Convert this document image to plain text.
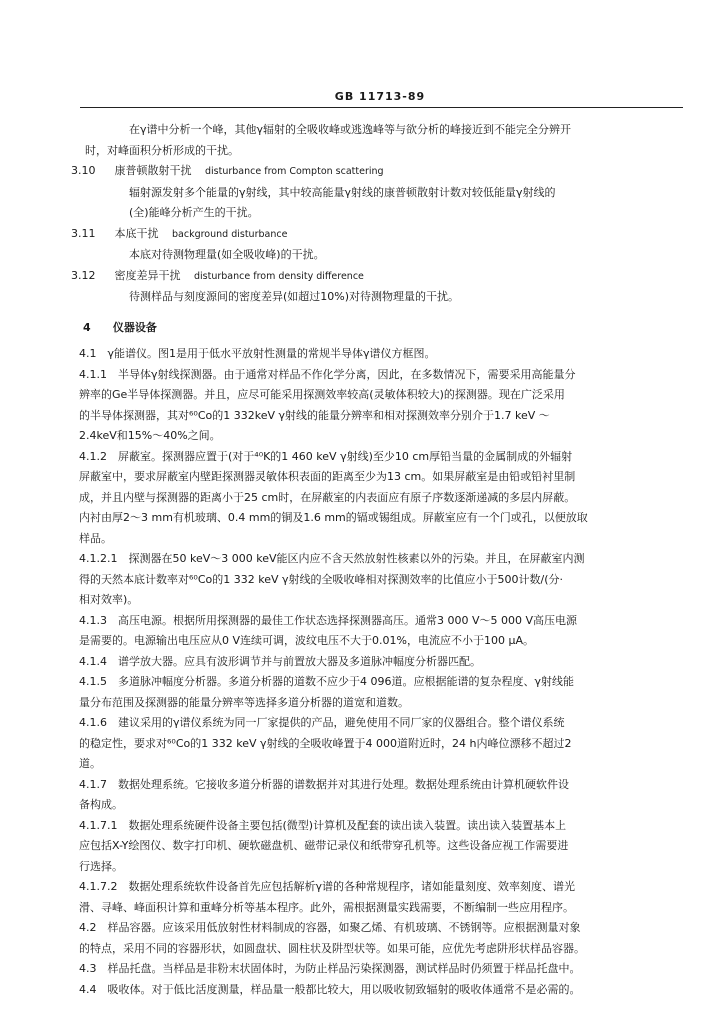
GB 11713-89

在γ谱中分析一个峰，其他γ辐射的全吸收峰或逃逸峰等与欲分析的峰接近到不能完全分辨开

时，对峰面积分析形成的干扰。

3.10 康普顿散射干扰 disturbance from Compton scattering

辐射源发射多个能量的γ射线，其中较高能量γ射线的康普顿散射计数对较低能量γ射线的

(全)能峰分析产生的干扰。

3.11 本底干扰 background disturbance

本底对待测物理量(如全吸收峰)的干扰。

3.12 密度差异干扰 disturbance from density difference

待测样品与刻度源间的密度差异(如超过10%)对待测物理量的干扰。

4 仪器设备

4.1　γ能谱仪。图1是用于低水平放射性测量的常规半导体γ谱仪方框图。

4.1.1　半导体γ射线探测器。由于通常对样品不作化学分离，因此，在多数情况下，需要采用高能量分

辨率的Ge半导体探测器。并且，应尽可能采用探测效率较高(灵敏体积较大)的探测器。现在广泛采用

的半导体探测器，其对⁶⁰Co的1 332keV γ射线的能量分辨率和相对探测效率分别介于1.7 keV ～

2.4keV和15%～40%之间。

4.1.2　屏蔽室。探测器应置于(对于⁴⁰K的1 460 keV γ射线)至少10 cm厚铅当量的金属制成的外辐射

屏蔽室中，要求屏蔽室内壁距探测器灵敏体积表面的距离至少为13 cm。如果屏蔽室是由铅或铅衬里制

成，并且内壁与探测器的距离小于25 cm时，在屏蔽室的内表面应有原子序数逐渐递减的多层内屏蔽。

内衬由厚2～3 mm有机玻璃、0.4 mm的铜及1.6 mm的镉或锡组成。屏蔽室应有一个门或孔，以便放取

样品。

4.1.2.1　探测器在50 keV～3 000 keV能区内应不含天然放射性核素以外的污染。并且，在屏蔽室内测

得的天然本底计数率对⁶⁰Co的1 332 keV γ射线的全吸收峰相对探测效率的比值应小于500计数/(分·

相对效率)。

4.1.3　高压电源。根据所用探测器的最佳工作状态选择探测器高压。通常3 000 V～5 000 V高压电源

是需要的。电源输出电压应从0 V连续可调，波纹电压不大于0.01%，电流应不小于100 μA。

4.1.4　谱学放大器。应具有波形调节并与前置放大器及多道脉冲幅度分析器匹配。

4.1.5　多道脉冲幅度分析器。多道分析器的道数不应少于4 096道。应根据能谱的复杂程度、γ射线能

量分布范围及探测器的能量分辨率等选择多道分析器的道宽和道数。

4.1.6　建议采用的γ谱仪系统为同一厂家提供的产品，避免使用不同厂家的仪器组合。整个谱仪系统

的稳定性，要求对⁶⁰Co的1 332 keV γ射线的全吸收峰置于4 000道附近时，24 h内峰位漂移不超过2

道。

4.1.7　数据处理系统。它接收多道分析器的谱数据并对其进行处理。数据处理系统由计算机硬软件设

备构成。

4.1.7.1　数据处理系统硬件设备主要包括(微型)计算机及配套的读出读入装置。读出读入装置基本上

应包括X-Y绘图仪、数字打印机、硬软磁盘机、磁带记录仪和纸带穿孔机等。这些设备应视工作需要进

行选择。

4.1.7.2　数据处理系统软件设备首先应包括解析γ谱的各种常规程序，诸如能量刻度、效率刻度、谱光

滑、寻峰、峰面积计算和重峰分析等基本程序。此外，需根据测量实践需要，不断编制一些应用程序。

4.2　样品容器。应该采用低放射性材料制成的容器，如聚乙烯、有机玻璃、不锈钢等。应根据测量对象

的特点，采用不同的容器形状，如圆盘状、圆柱状及阱型状等。如果可能，应优先考虑阱形状样品容器。

4.3　样品托盘。当样品是非粉末状固体时，为防止样品污染探测器，测试样品时仍须置于样品托盘中。

4.4　吸收体。对于低比活度测量，样品量一般都比较大，用以吸收韧致辐射的吸收体通常不是必需的。
